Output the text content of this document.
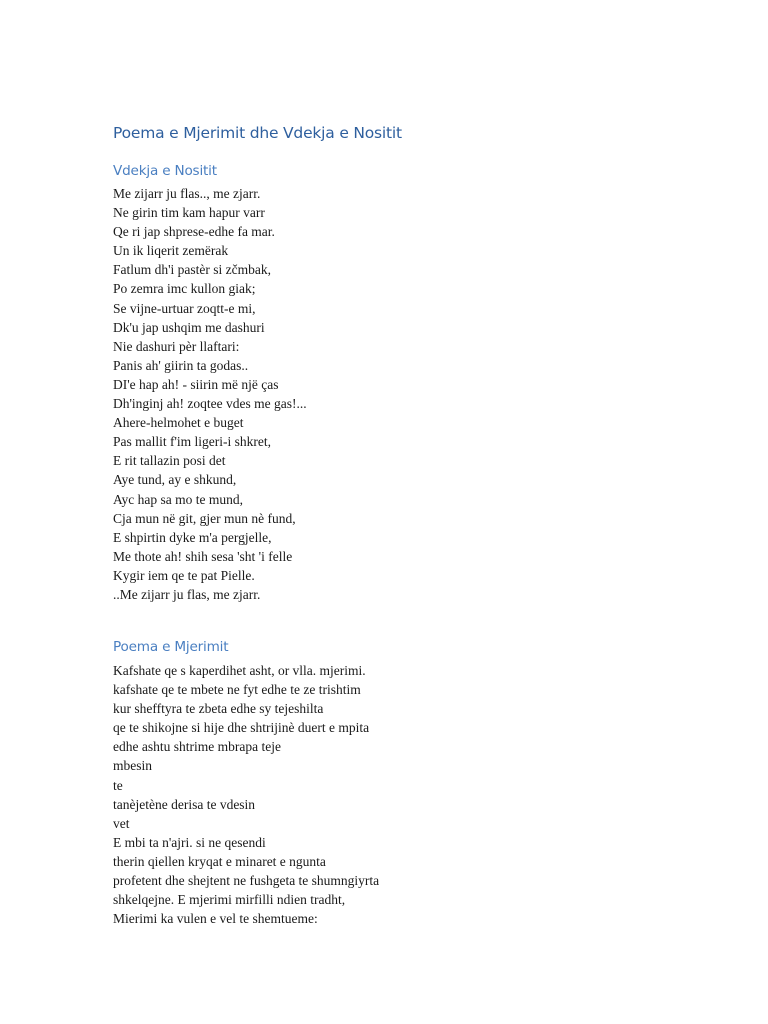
Poema e Mjerimit dhe Vdekja e Nositit
Vdekja e Nositit
Me zijarr ju flas.., me zjarr.
Ne girin tim kam hapur varr
Qe ri jap shprese-edhe fa mar.
Un ik liqerit zemërak
Fatlum dh'i pastèr si zčmbak,
Po zemra imc kullon giak;
Se vijne-urtuar zoqtt-e mi,
Dk'u jap ushqim me dashuri
Nie dashuri pèr llaftari:
Panis ah' giirin ta godas..
DI'e hap ah! - siirin më një ças
Dh'inginj ah! zoqtee vdes me gas!...
Ahere-helmohet e buget
Pas mallit f'im ligeri-i shkret,
E rit tallazin posi det
Aye tund, ay e shkund,
Ayc hap sa mo te mund,
Cja mun në git, gjer mun nè fund,
E shpirtin dyke m'a pergjelle,
Me thote ah! shih sesa 'sht 'i felle
Kygir iem qe te pat Pielle.
..Me zijarr ju flas, me zjarr.
Poema e Mjerimit
Kafshate qe s kaperdihet asht, or vlla. mjerimi.
kafshate qe te mbete ne fyt edhe te ze trishtim
kur shefftyra te zbeta edhe sy tejeshilta
qe te shikojne si hije dhe shtrijinè duert e mpita
edhe ashtu shtrime mbrapa teje
mbesin
te
tanèjetène derisa te vdesin
vet
E mbi ta n'ajri. si ne qesendi
therin qiellen kryqat e minaret e ngunta
profetent dhe shejtent ne fushgeta te shumngiyrta
shkelqejne. E mjerimi mirfilli ndien tradht,
Mierimi ka vulen e vel te shemtueme:
